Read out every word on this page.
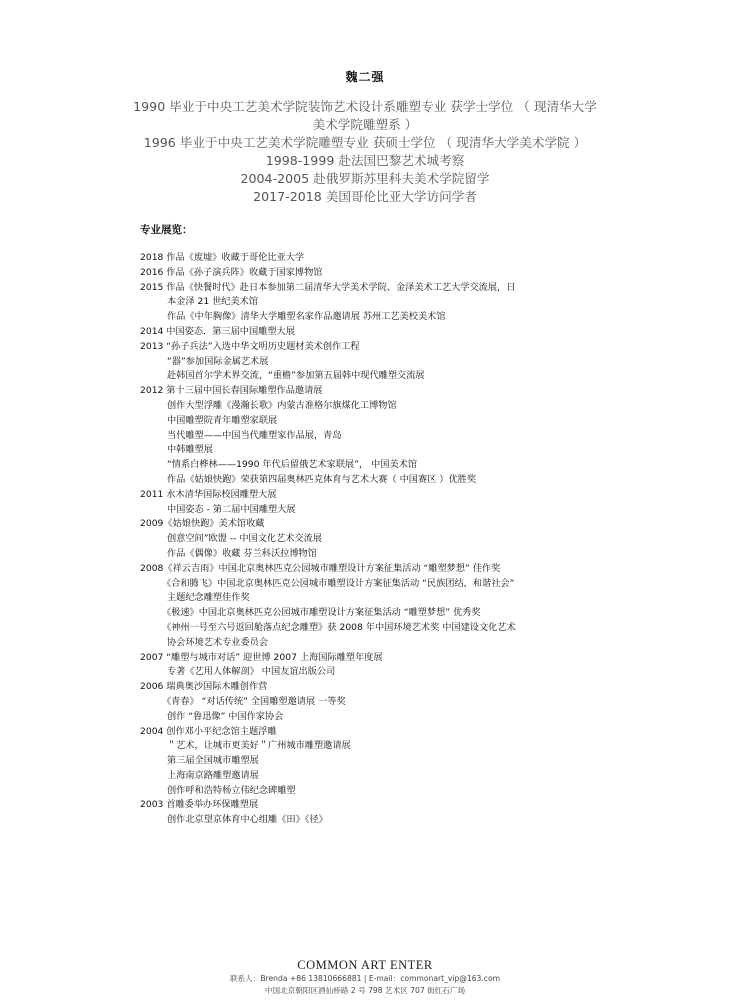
魏二强
1990 毕业于中央工艺美术学院装饰艺术设计系雕塑专业 获学士学位 （ 现清华大学
美术学院雕塑系 ）
1996 毕业于中央工艺美术学院雕塑专业 获硕士学位 （ 现清华大学美术学院 ）
1998-1999 赴法国巴黎艺术城考察
2004-2005 赴俄罗斯苏里科夫美术学院留学
2017-2018 美国哥伦比亚大学访问学者
专业展览：
2018 作品《废墟》收藏于哥伦比亚大学
2016 作品《孙子演兵阵》收藏于国家博物馆
2015 作品《快餐时代》赴日本参加第二届清华大学美术学院、金泽美术工艺大学交流展，日
本金泽 21 世纪美术馆
作品《中年胸像》清华大学雕塑名家作品邀请展 苏州工艺美校美术馆
2014 中国姿态．第三届中国雕塑大展
2013 “孙子兵法”入选中华文明历史题材美术创作工程
“器”参加国际金属艺术展
赴韩国首尔学术界交流，“重檐”参加第五届韩中现代雕塑交流展
2012 第十三届中国长春国际雕塑作品邀请展
创作大型浮雕《漫瀚长歌》内蒙古准格尔旗煤化工博物馆
中国雕塑院青年雕塑家联展
当代雕塑——中国当代雕塑家作品展，青岛
中韩雕塑展
“情系白桦林——1990 年代后留俄艺术家联展”， 中国美术馆
作品《姑娘快跑》荣获第四届奥林匹克体育与艺术大赛（ 中国赛区 ）优胜奖
2011 水木清华国际校园雕塑大展
中国姿态 - 第二届中国雕塑大展
2009《姑娘快跑》美术馆收藏
创意空间”欧盟 -- 中国文化艺术交流展
作品《偶像》收藏 芬兰科沃拉博物馆
2008《祥云吉雨》中国北京奥林匹克公园城市雕塑设计方案征集活动 “雕塑梦想” 佳作奖
《合和腾飞》中国北京奥林匹克公园城市雕塑设计方案征集活动 “民族团结，和谐社会”
主题纪念雕塑佳作奖
《极速》中国北京奥林匹克公园城市雕塑设计方案征集活动 “雕塑梦想” 优秀奖
《神州一号至六号返回舱落点纪念雕塑》获 2008 年中国环境艺术奖 中国建设文化艺术
协会环境艺术专业委员会
2007 “雕塑与城市对话” 迎世博 2007 上海国际雕塑年度展
专著《艺用人体解剖》 中国友谊出版公司
2006 瑞典奥沙国际木雕创作营
《青春》 “对话传统” 全国雕塑邀请展 一等奖
创作 “鲁迅像” 中国作家协会
2004 创作邓小平纪念馆主题浮雕
＂艺术，让城市更美好＂广州城市雕塑邀请展
第三届全国城市雕塑展
上海南京路雕塑邀请展
创作呼和浩特杨立伟纪念碑雕塑
2003 首雕委举办环保雕塑展
创作北京望京体育中心组雕《田》《径》
COMMON ART ENTER
联系人：Brenda +86 13810666881 | E-mail：commonart_vip@163.com
中国北京朝阳区酒仙桥路 2 号 798 艺术区 707 街红石广场
